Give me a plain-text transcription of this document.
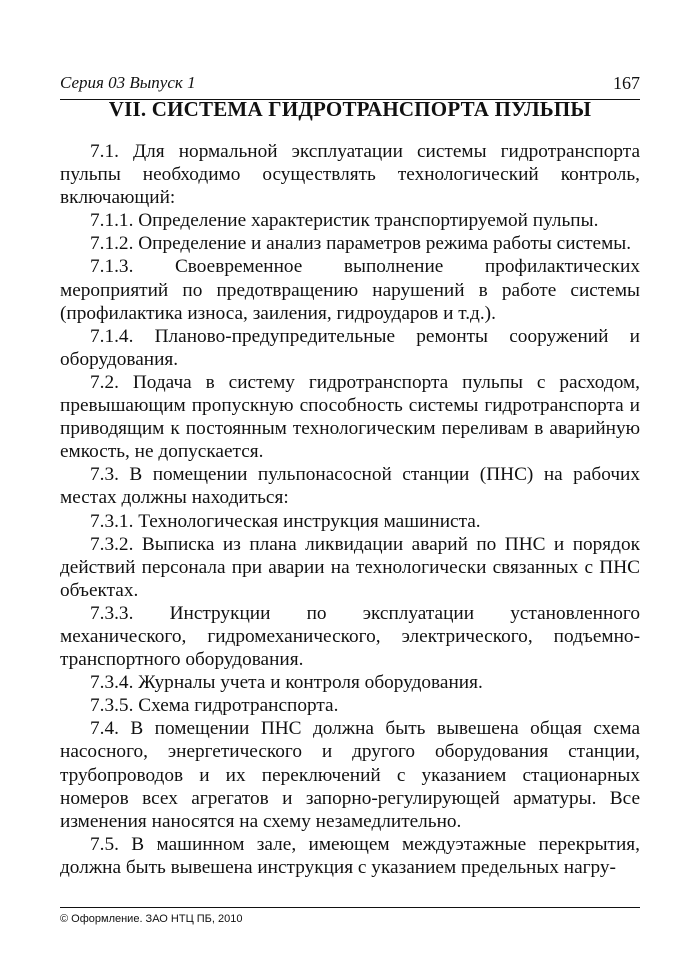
Серия 03 Выпуск 1	167
VII. СИСТЕМА ГИДРОТРАНСПОРТА ПУЛЬПЫ

7.1. Для нормальной эксплуатации системы гидротранспорта пульпы необходимо осуществлять технологический контроль, включающий:

7.1.1. Определение характеристик транспортируемой пульпы.

7.1.2. Определение и анализ параметров режима работы системы.

7.1.3. Своевременное выполнение профилактических мероприятий по предотвращению нарушений в работе системы (профилактика износа, заиления, гидроударов и т.д.).

7.1.4. Планово-предупредительные ремонты сооружений и оборудования.

7.2. Подача в систему гидротранспорта пульпы с расходом, превышающим пропускную способность системы гидротранспорта и приводящим к постоянным технологическим переливам в аварийную емкость, не допускается.

7.3. В помещении пульпонасосной станции (ПНС) на рабочих местах должны находиться:

7.3.1. Технологическая инструкция машиниста.

7.3.2. Выписка из плана ликвидации аварий по ПНС и порядок действий персонала при аварии на технологически связанных с ПНС объектах.

7.3.3. Инструкции по эксплуатации установленного механического, гидромеханического, электрического, подъемно-транспортного оборудования.

7.3.4. Журналы учета и контроля оборудования.

7.3.5. Схема гидротранспорта.

7.4. В помещении ПНС должна быть вывешена общая схема насосного, энергетического и другого оборудования станции, трубопроводов и их переключений с указанием стационарных номеров всех агрегатов и запорно-регулирующей арматуры. Все изменения наносятся на схему незамедлительно.

7.5. В машинном зале, имеющем междуэтажные перекрытия, должна быть вывешена инструкция с указанием предельных нагру-

© Оформление. ЗАО НТЦ ПБ, 2010
